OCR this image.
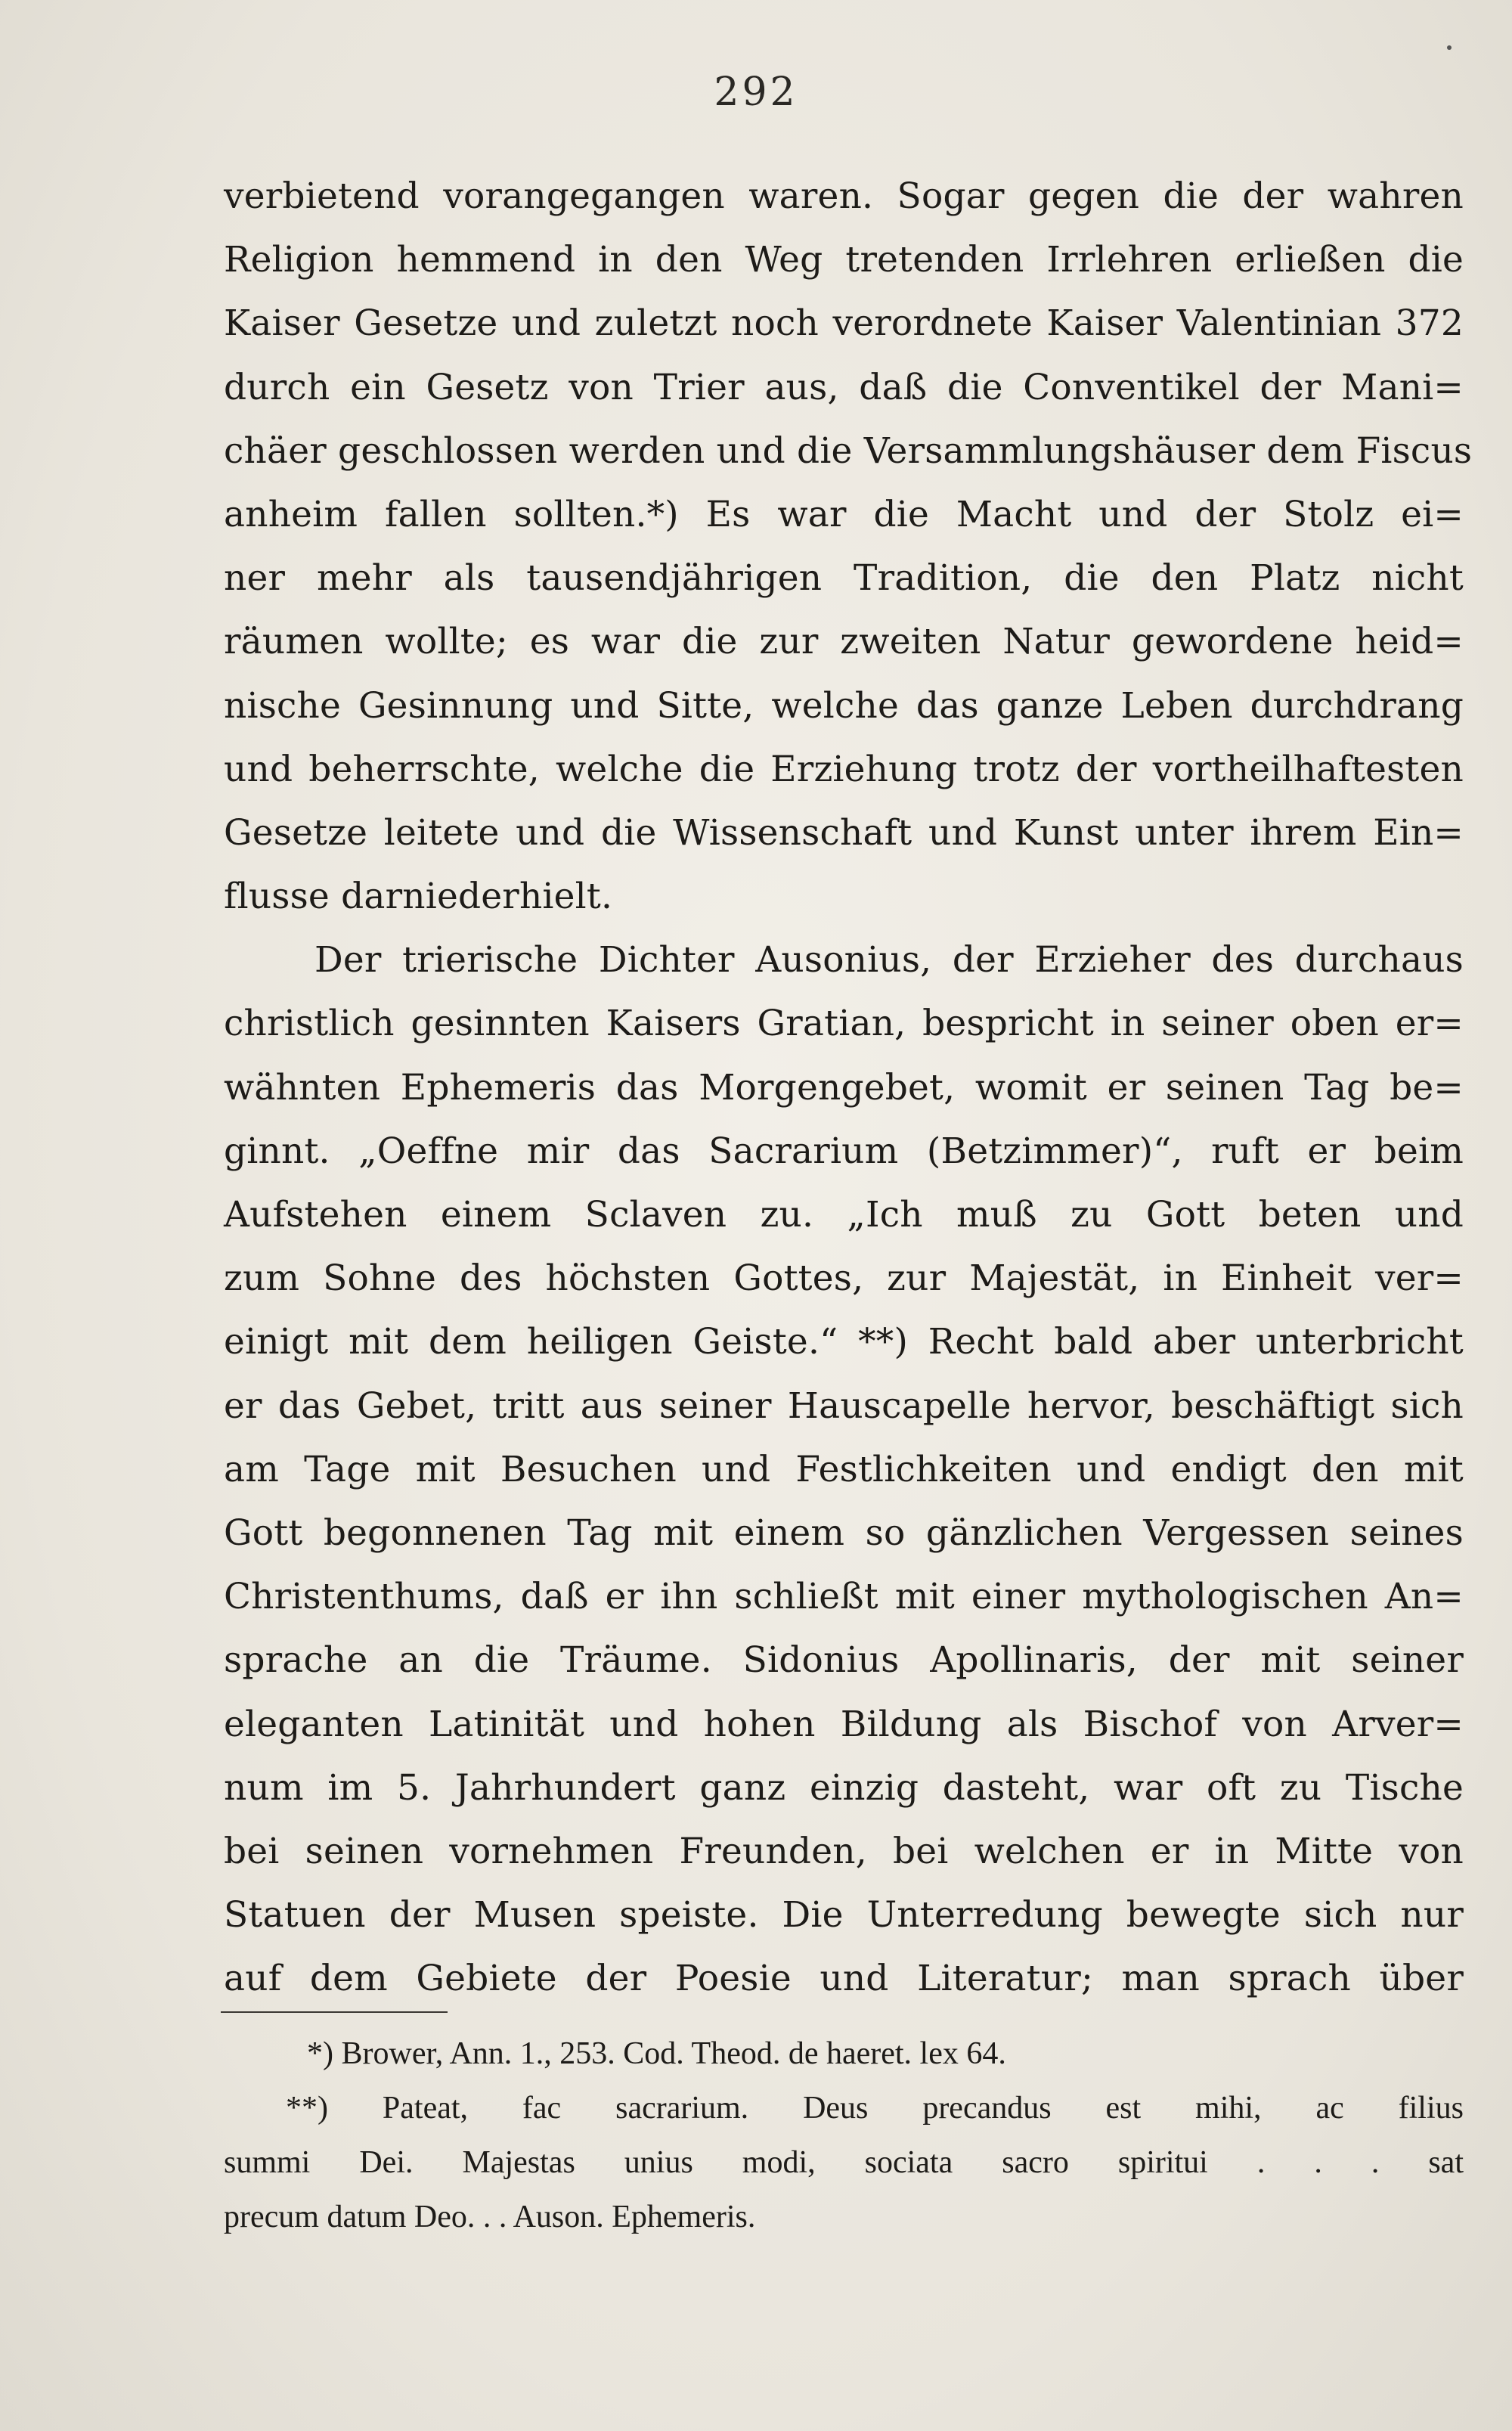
292
verbietend vorangegangen waren. Sogar gegen die der wahren
Religion hemmend in den Weg tretenden Irrlehren erließen die
Kaiser Gesetze und zuletzt noch verordnete Kaiser Valentinian 372
durch ein Gesetz von Trier aus, daß die Conventikel der Mani=
chäer geschlossen werden und die Versammlungshäuser dem Fiscus
anheim fallen sollten.*) Es war die Macht und der Stolz ei=
ner mehr als tausendjährigen Tradition, die den Platz nicht
räumen wollte; es war die zur zweiten Natur gewordene heid=
nische Gesinnung und Sitte, welche das ganze Leben durchdrang
und beherrschte, welche die Erziehung trotz der vortheilhaftesten
Gesetze leitete und die Wissenschaft und Kunst unter ihrem Ein=
flusse darniederhielt.
Der trierische Dichter Ausonius, der Erzieher des durchaus
christlich gesinnten Kaisers Gratian, bespricht in seiner oben er=
wähnten Ephemeris das Morgengebet, womit er seinen Tag be=
ginnt. „Oeffne mir das Sacrarium (Betzimmer)“, ruft er beim
Aufstehen einem Sclaven zu. „Ich muß zu Gott beten und
zum Sohne des höchsten Gottes, zur Majestät, in Einheit ver=
einigt mit dem heiligen Geiste.“ **) Recht bald aber unterbricht
er das Gebet, tritt aus seiner Hauscapelle hervor, beschäftigt sich
am Tage mit Besuchen und Festlichkeiten und endigt den mit
Gott begonnenen Tag mit einem so gänzlichen Vergessen seines
Christenthums, daß er ihn schließt mit einer mythologischen An=
sprache an die Träume. Sidonius Apollinaris, der mit seiner
eleganten Latinität und hohen Bildung als Bischof von Arver=
num im 5. Jahrhundert ganz einzig dasteht, war oft zu Tische
bei seinen vornehmen Freunden, bei welchen er in Mitte von
Statuen der Musen speiste. Die Unterredung bewegte sich nur
auf dem Gebiete der Poesie und Literatur; man sprach über
*) Brower, Ann. 1., 253. Cod. Theod. de haeret. lex 64.
**) Pateat, fac sacrarium. Deus precandus est mihi, ac filius
summi Dei. Majestas unius modi, sociata sacro spiritui . . . sat
precum datum Deo. . . Auson. Ephemeris.
